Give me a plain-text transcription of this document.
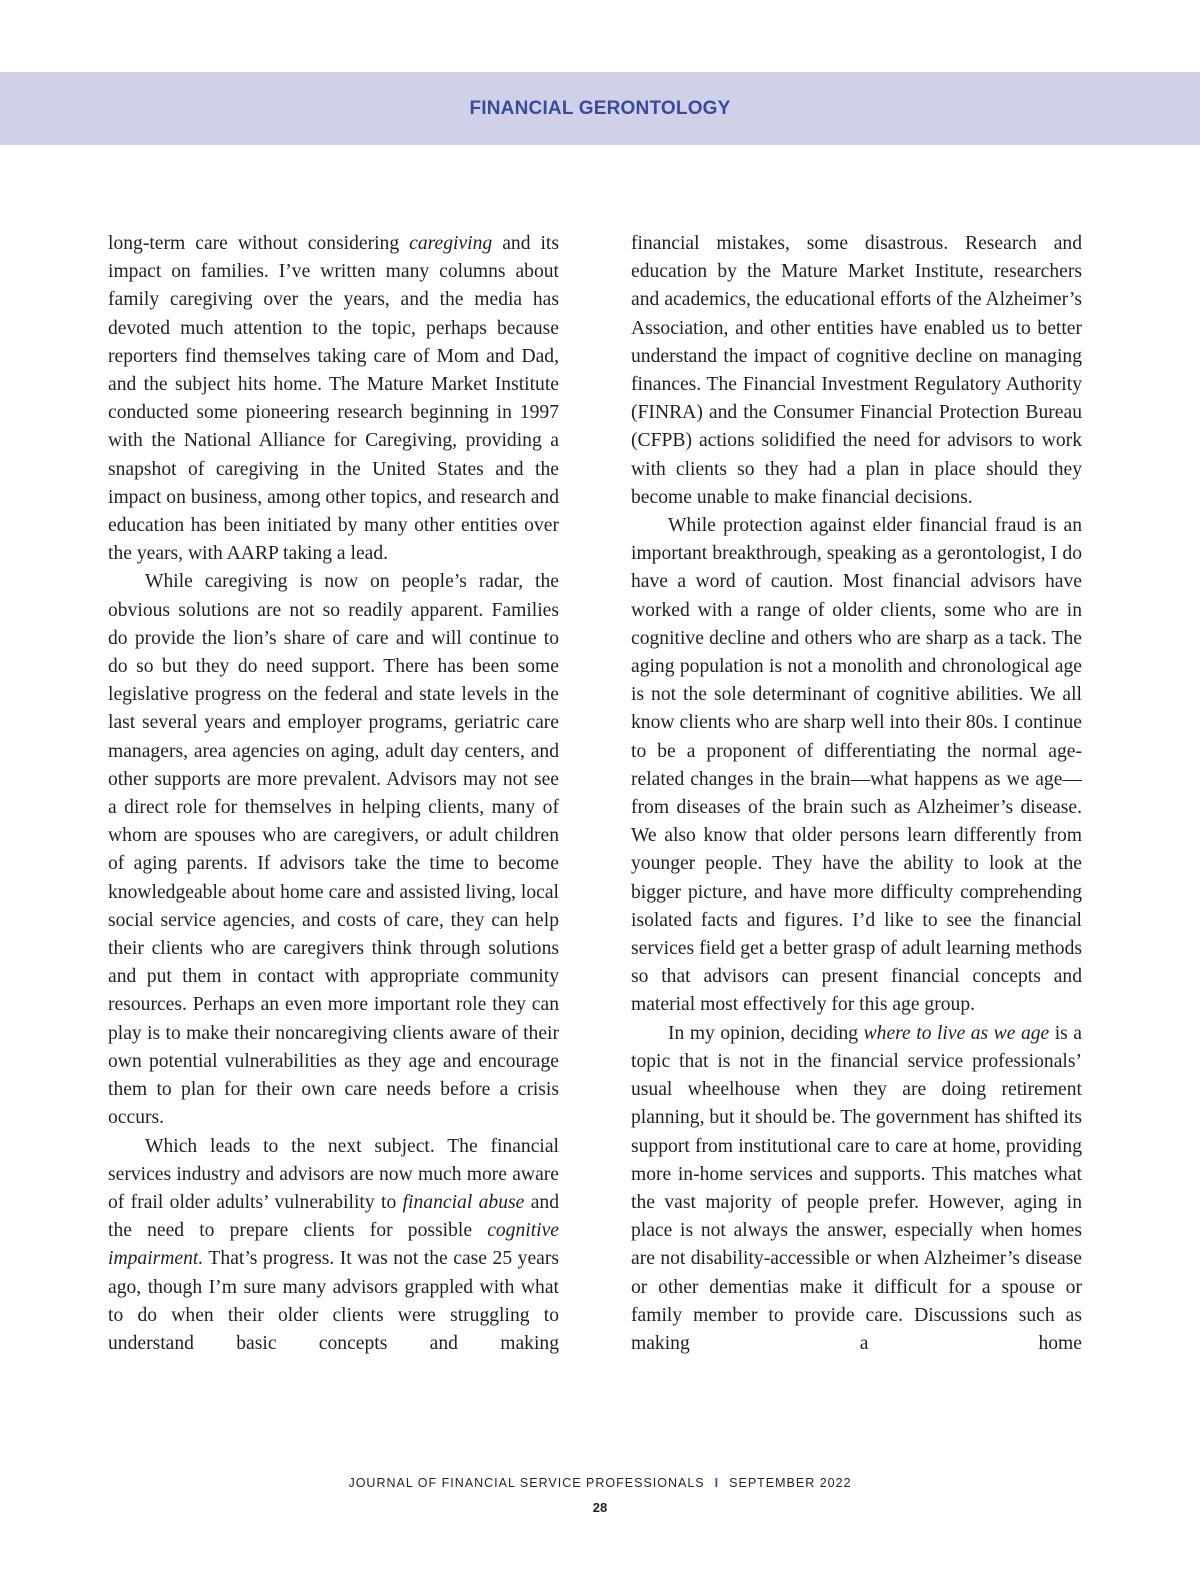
FINANCIAL GERONTOLOGY

long-term care without considering caregiving and its impact on families. I’ve written many columns about family caregiving over the years, and the media has devoted much attention to the topic, perhaps because reporters find themselves taking care of Mom and Dad, and the subject hits home. The Mature Market Institute conducted some pioneering research beginning in 1997 with the National Alliance for Caregiving, providing a snapshot of caregiving in the United States and the impact on business, among other topics, and research and education has been initiated by many other entities over the years, with AARP taking a lead.

While caregiving is now on people’s radar, the obvious solutions are not so readily apparent. Families do provide the lion’s share of care and will continue to do so but they do need support. There has been some legislative progress on the federal and state levels in the last several years and employer programs, geriatric care managers, area agencies on aging, adult day centers, and other supports are more prevalent. Advisors may not see a direct role for themselves in helping clients, many of whom are spouses who are caregivers, or adult children of aging parents. If advisors take the time to become knowledgeable about home care and assisted living, local social service agencies, and costs of care, they can help their clients who are caregivers think through solutions and put them in contact with appropriate community resources. Perhaps an even more important role they can play is to make their noncaregiving clients aware of their own potential vulnerabilities as they age and encourage them to plan for their own care needs before a crisis occurs.

Which leads to the next subject. The financial services industry and advisors are now much more aware of frail older adults’ vulnerability to financial abuse and the need to prepare clients for possible cognitive impairment. That’s progress. It was not the case 25 years ago, though I’m sure many advisors grappled with what to do when their older clients were struggling to understand basic concepts and making

financial mistakes, some disastrous. Research and education by the Mature Market Institute, researchers and academics, the educational efforts of the Alzheimer’s Association, and other entities have enabled us to better understand the impact of cognitive decline on managing finances. The Financial Investment Regulatory Authority (FINRA) and the Consumer Financial Protection Bureau (CFPB) actions solidified the need for advisors to work with clients so they had a plan in place should they become unable to make financial decisions.

While protection against elder financial fraud is an important breakthrough, speaking as a gerontologist, I do have a word of caution. Most financial advisors have worked with a range of older clients, some who are in cognitive decline and others who are sharp as a tack. The aging population is not a monolith and chronological age is not the sole determinant of cognitive abilities. We all know clients who are sharp well into their 80s. I continue to be a proponent of differentiating the normal age-related changes in the brain—what happens as we age—from diseases of the brain such as Alzheimer’s disease. We also know that older persons learn differently from younger people. They have the ability to look at the bigger picture, and have more difficulty comprehending isolated facts and figures. I’d like to see the financial services field get a better grasp of adult learning methods so that advisors can present financial concepts and material most effectively for this age group.

In my opinion, deciding where to live as we age is a topic that is not in the financial service professionals’ usual wheelhouse when they are doing retirement planning, but it should be. The government has shifted its support from institutional care to care at home, providing more in-home services and supports. This matches what the vast majority of people prefer. However, aging in place is not always the answer, especially when homes are not disability-accessible or when Alzheimer’s disease or other dementias make it difficult for a spouse or family member to provide care. Discussions such as making a home

JOURNAL OF FINANCIAL SERVICE PROFESSIONALS I SEPTEMBER 2022
28
